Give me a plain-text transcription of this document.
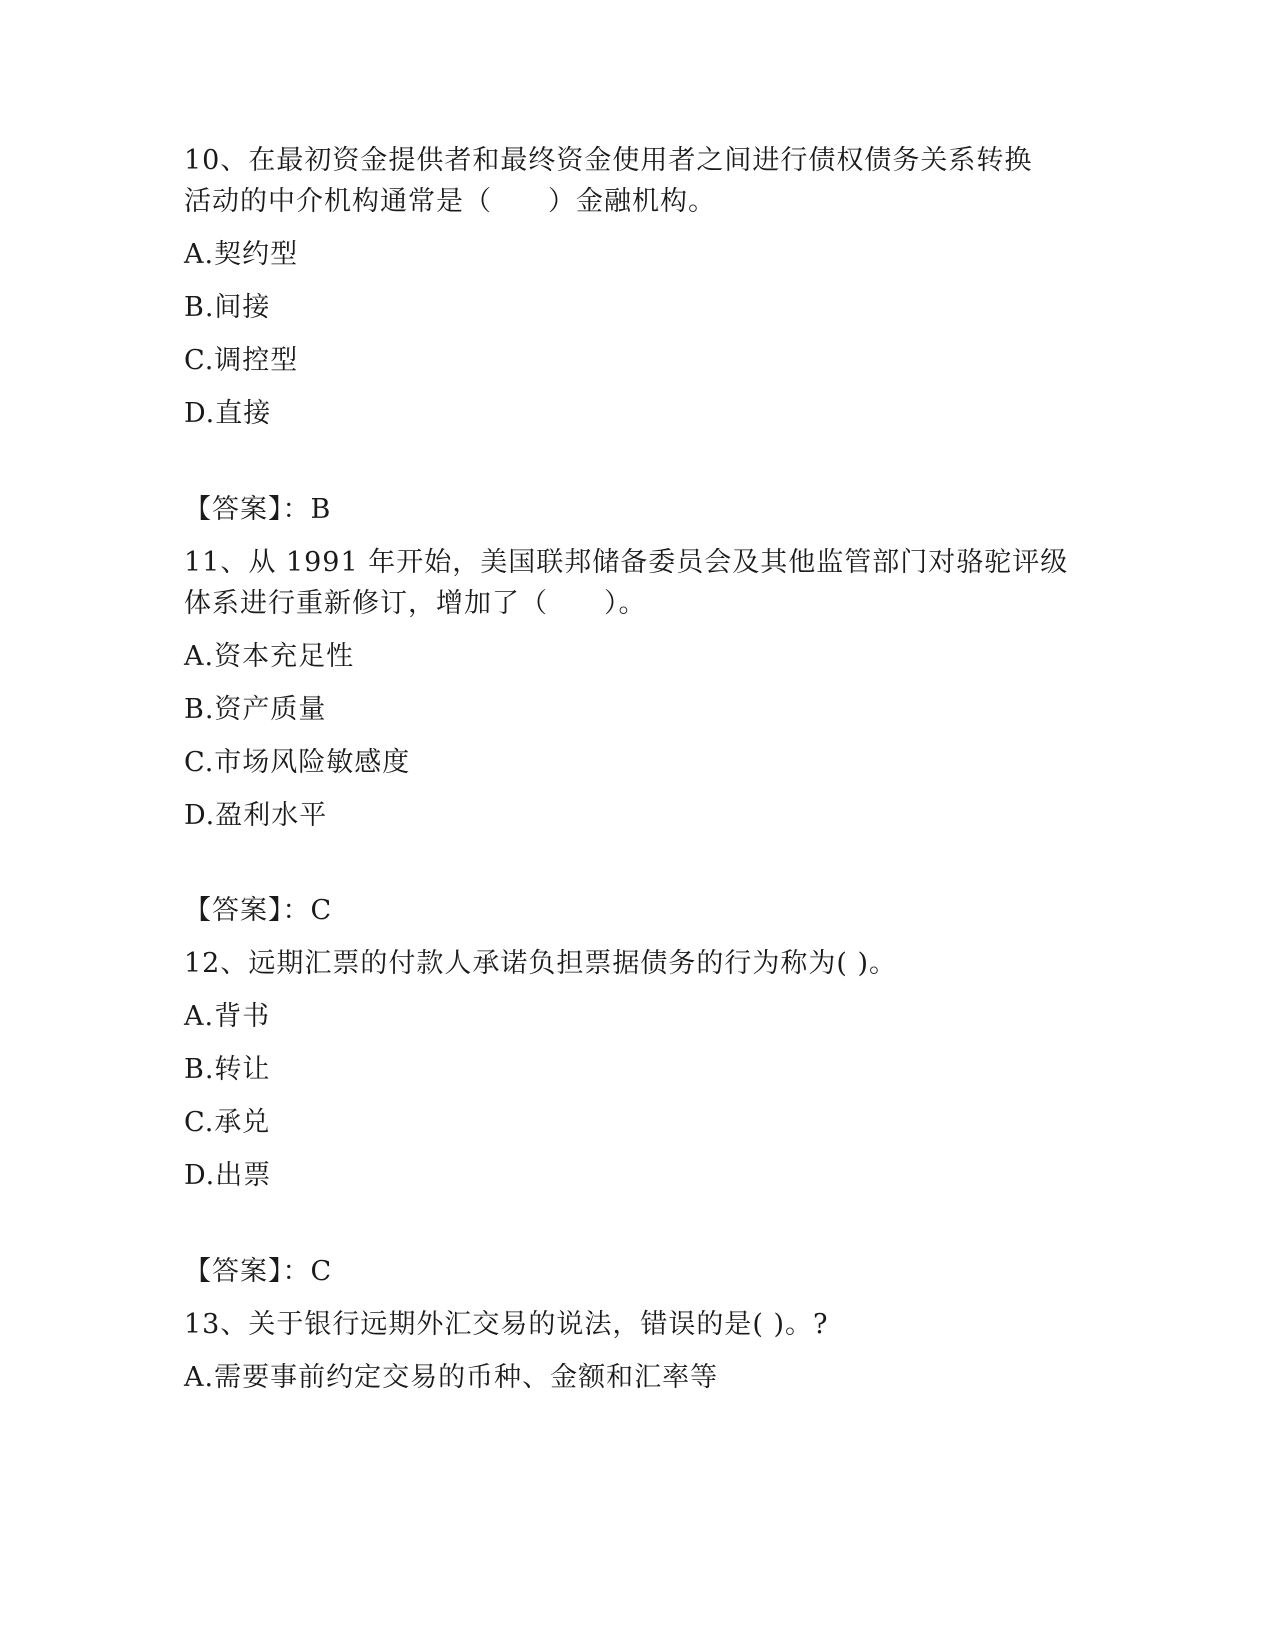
10、在最初资金提供者和最终资金使用者之间进行债权债务关系转换
活动的中介机构通常是（　　）金融机构。
A.契约型
B.间接
C.调控型
D.直接
【答案】：B
11、从 1991 年开始，美国联邦储备委员会及其他监管部门对骆驼评级
体系进行重新修订，增加了（　　）。
A.资本充足性
B.资产质量
C.市场风险敏感度
D.盈利水平
【答案】：C
12、远期汇票的付款人承诺负担票据债务的行为称为( )。
A.背书
B.转让
C.承兑
D.出票
【答案】：C
13、关于银行远期外汇交易的说法，错误的是( )。?
A.需要事前约定交易的币种、金额和汇率等
